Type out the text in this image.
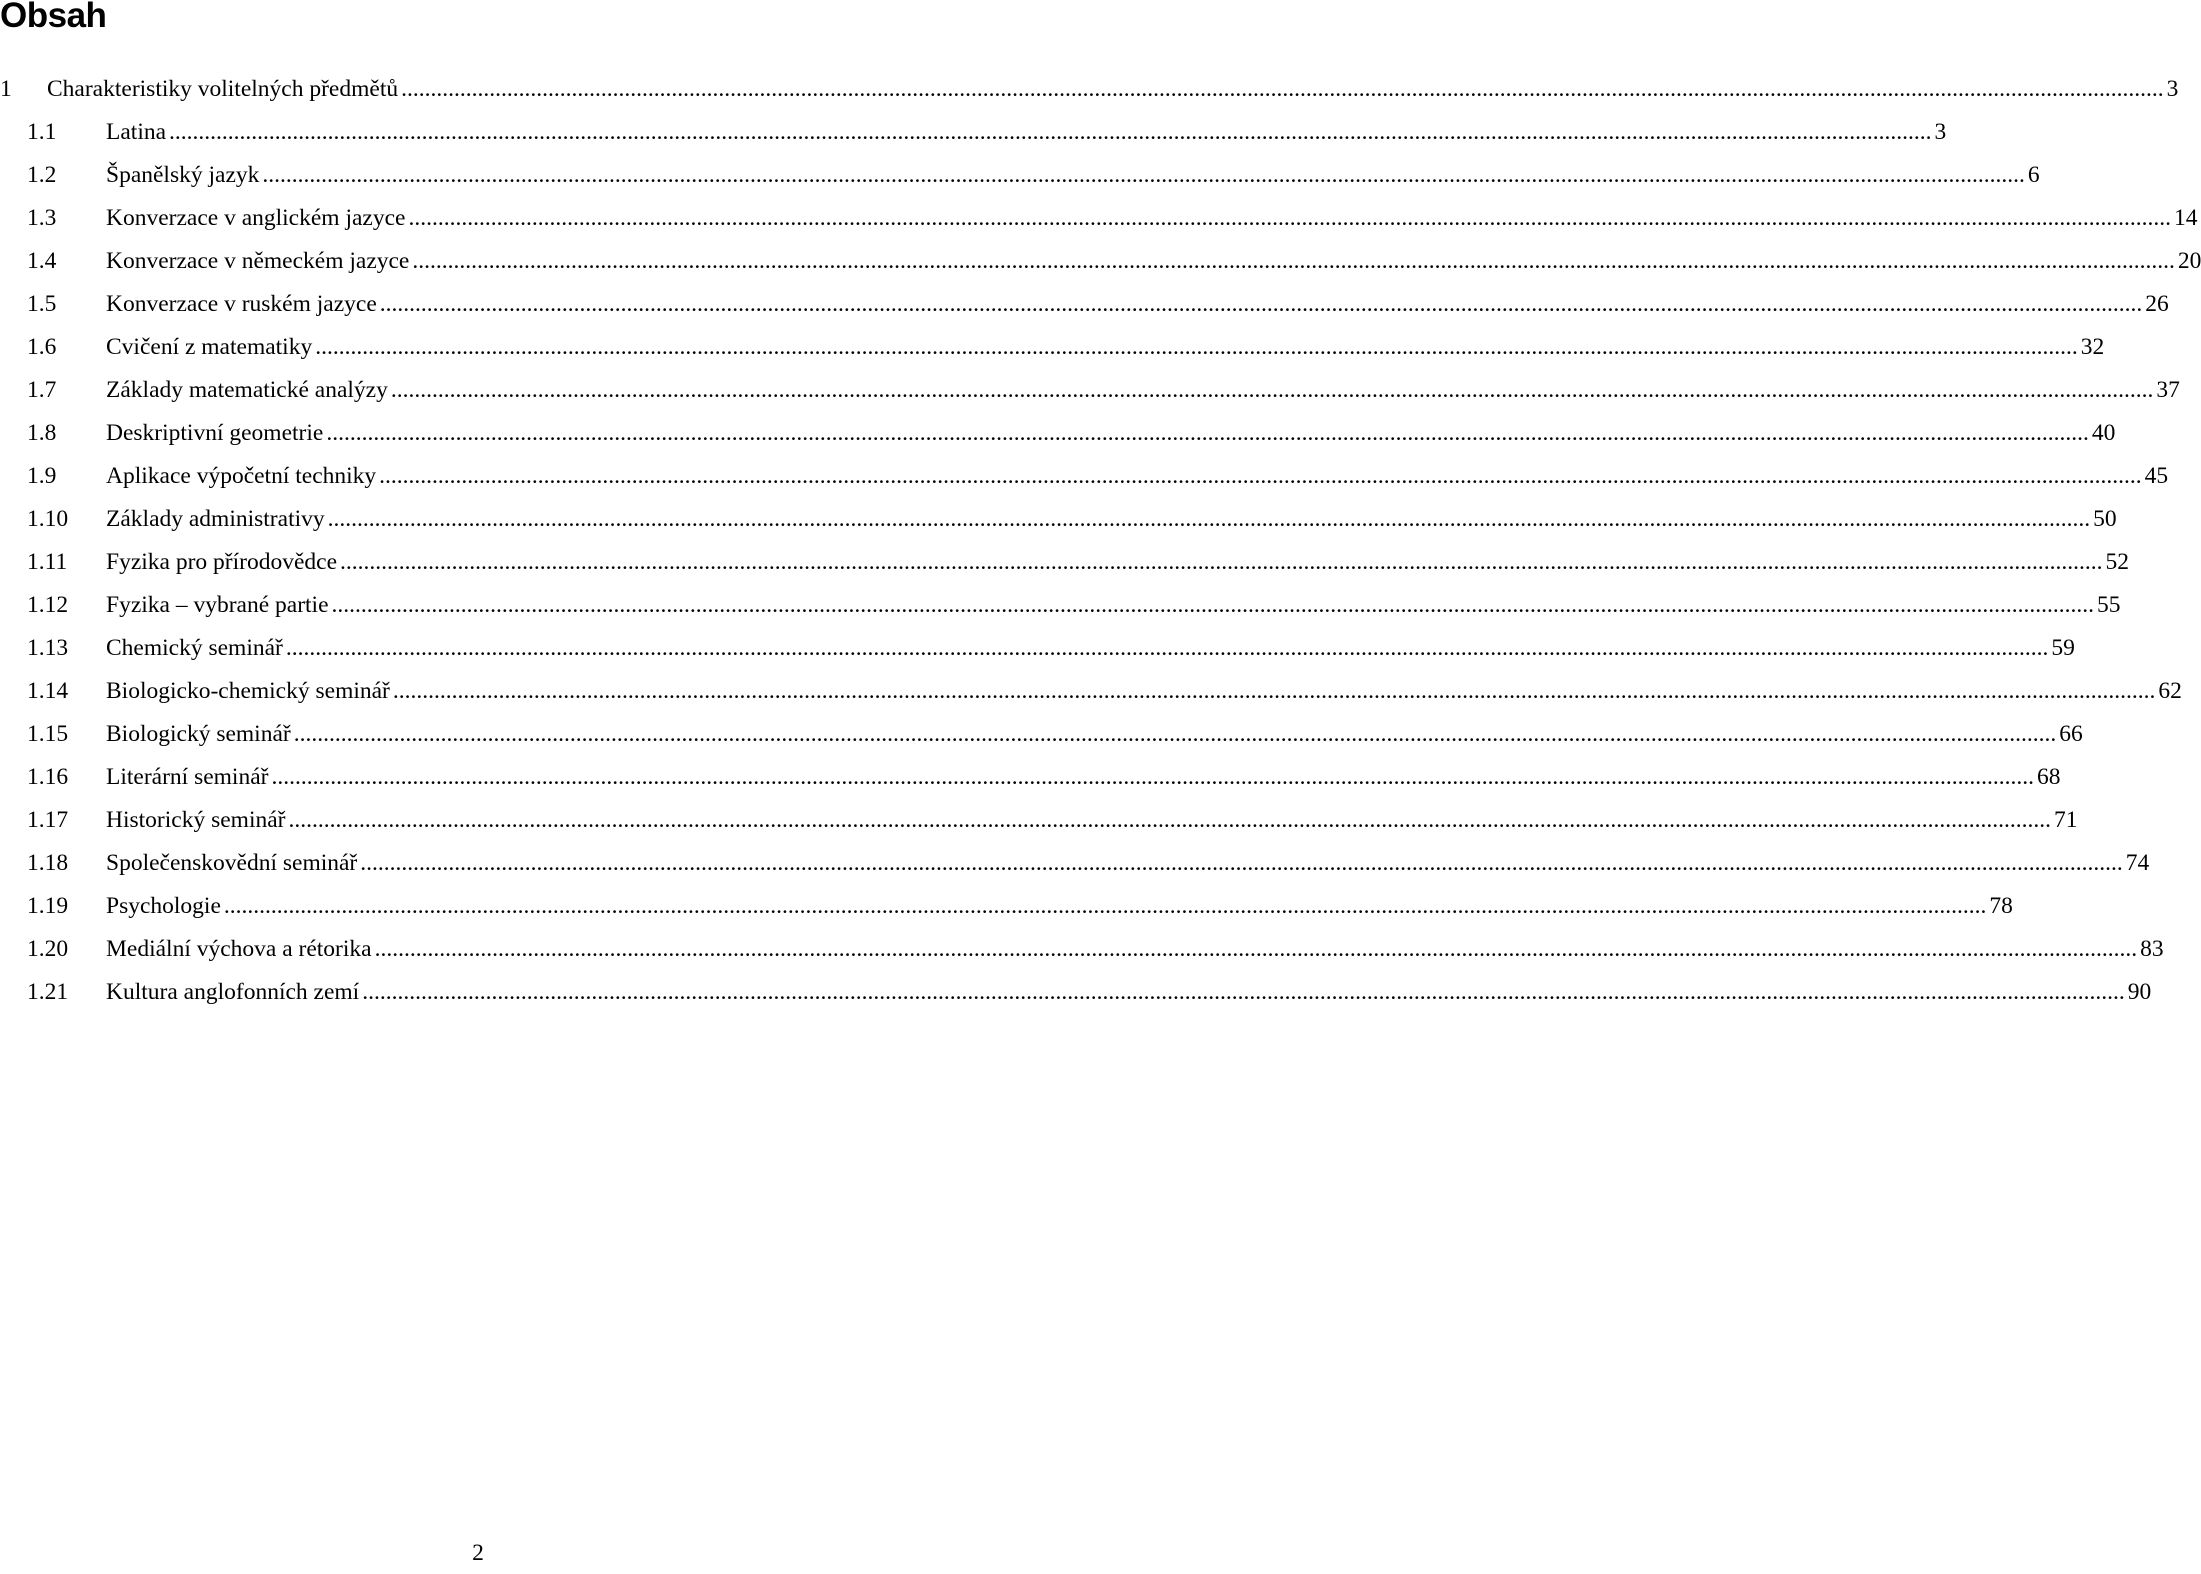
Obsah
1	Charakteristiky volitelných předmětů ............................................................................................................................................................................................................................................................................................................ 3
1.1	Latina ............................................................................................................................................................................................................................................................................................................ 3
1.2	Španělský jazyk ............................................................................................................................................................................................................................................................................................................ 6
1.3	Konverzace v anglickém jazyce ............................................................................................................................................................................................................................................................................................................ 14
1.4	Konverzace v německém jazyce ............................................................................................................................................................................................................................................................................................................ 20
1.5	Konverzace v ruském jazyce ............................................................................................................................................................................................................................................................................................................ 26
1.6	Cvičení z matematiky ............................................................................................................................................................................................................................................................................................................ 32
1.7	Základy matematické analýzy ............................................................................................................................................................................................................................................................................................................ 37
1.8	Deskriptivní geometrie ............................................................................................................................................................................................................................................................................................................ 40
1.9	Aplikace výpočetní techniky ............................................................................................................................................................................................................................................................................................................ 45
1.10	Základy administrativy ............................................................................................................................................................................................................................................................................................................ 50
1.11	Fyzika pro přírodovědce ............................................................................................................................................................................................................................................................................................................ 52
1.12	Fyzika – vybrané partie ............................................................................................................................................................................................................................................................................................................ 55
1.13	Chemický seminář ............................................................................................................................................................................................................................................................................................................ 59
1.14	Biologicko-chemický seminář ............................................................................................................................................................................................................................................................................................................ 62
1.15	Biologický seminář ............................................................................................................................................................................................................................................................................................................ 66
1.16	Literární seminář ............................................................................................................................................................................................................................................................................................................ 68
1.17	Historický seminář ............................................................................................................................................................................................................................................................................................................ 71
1.18	Společenskovědní seminář ............................................................................................................................................................................................................................................................................................................ 74
1.19	Psychologie ............................................................................................................................................................................................................................................................................................................ 78
1.20	Mediální výchova a rétorika ............................................................................................................................................................................................................................................................................................................ 83
1.21	Kultura anglofonních zemí ............................................................................................................................................................................................................................................................................................................ 90
2
